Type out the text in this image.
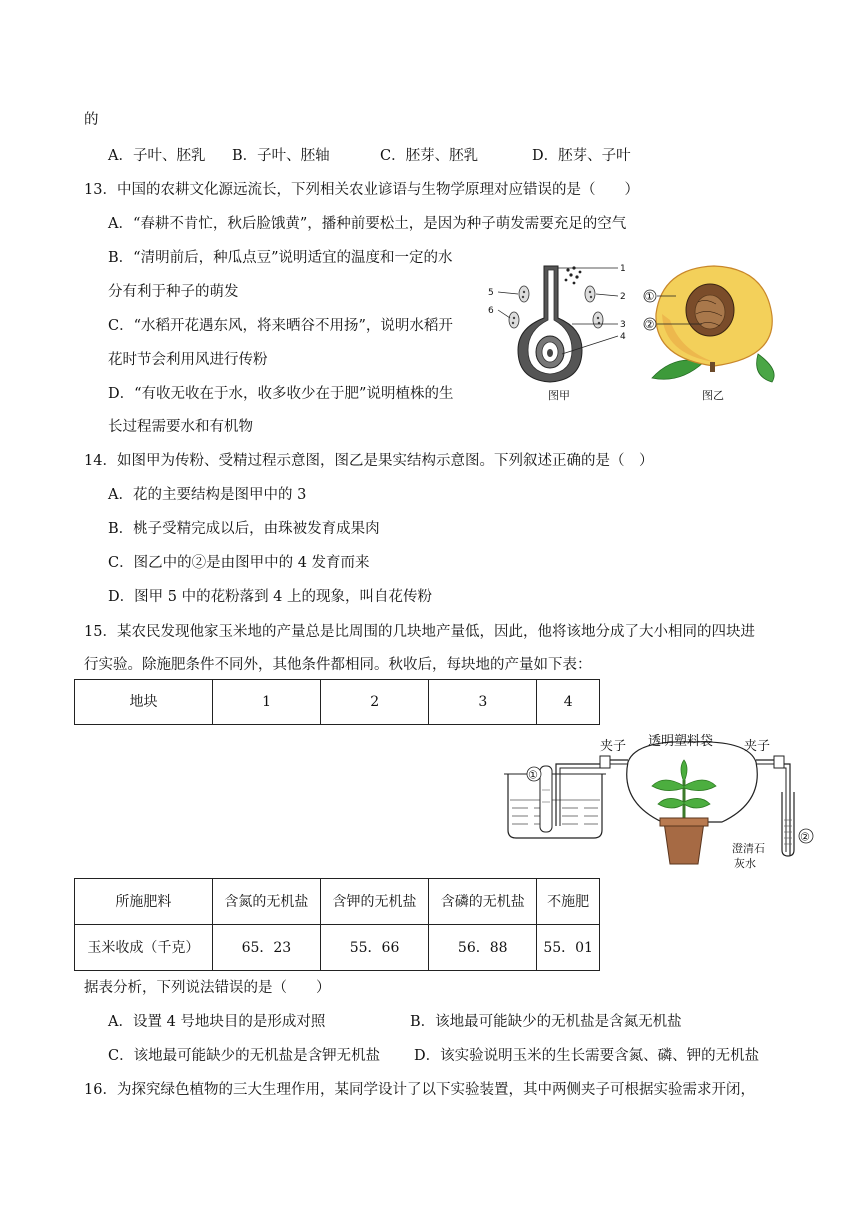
的
A．子叶、胚乳 B．子叶、胚轴	C．胚芽、胚乳	D．胚芽、子叶
13．中国的农耕文化源远流长，下列相关农业谚语与生物学原理对应错误的是（　　）
A．“春耕不肯忙，秋后脸饿黄”，播种前要松土，是因为种子萌发需要充足的空气
B．“清明前后，种瓜点豆”说明适宜的温度和一定的水
分有利于种子的萌发
C．“水稻开花遇东风，将来晒谷不用扬”，说明水稻开
花时节会利用风进行传粉
D．“有收无收在于水，收多收少在于肥”说明植株的生
长过程需要水和有机物
1
2
3
4
5
6
图甲
①
②
图乙
14．如图甲为传粉、受精过程示意图，图乙是果实结构示意图。下列叙述正确的是（　）
A．花的主要结构是图甲中的 3
B．桃子受精完成以后，由珠被发育成果肉
C．图乙中的②是由图甲中的 4 发育而来
D．图甲 5 中的花粉落到 4 上的现象，叫自花传粉
15．某农民发现他家玉米地的产量总是比周围的几块地产量低，因此，他将该地分成了大小相同的四块进
行实验。除施肥条件不同外，其他条件都相同。秋收后，每块地的产量如下表：
地块	1	2	3	4
①
夹子 透明塑料袋 夹子
②
澄清石
灰水
所施肥料	含氮的无机盐	含钾的无机盐	含磷的无机盐	不施肥
玉米收成（千克）	65．23	55．66	56．88	55．01
据表分析，下列说法错误的是（　　）
A．设置 4 号地块目的是形成对照	B．该地最可能缺少的无机盐是含氮无机盐
C．该地最可能缺少的无机盐是含钾无机盐 D．该实验说明玉米的生长需要含氮、磷、钾的无机盐
16．为探究绿色植物的三大生理作用，某同学设计了以下实验装置，其中两侧夹子可根据实验需求开闭，
